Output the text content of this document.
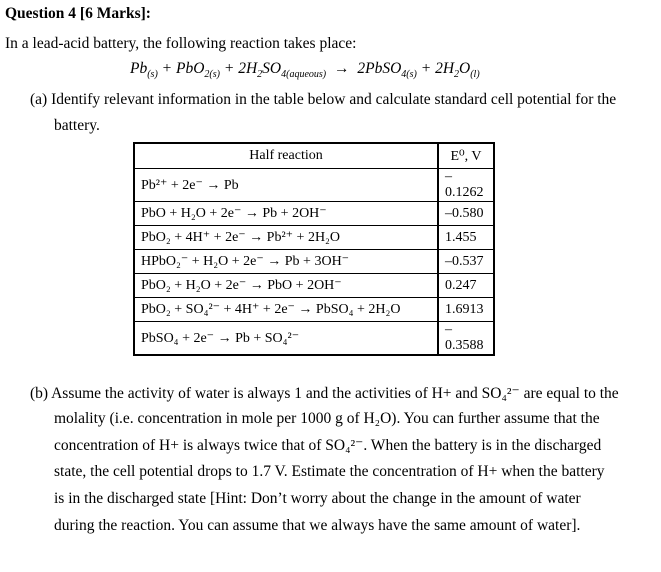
Question 4 [6 Marks]:
In a lead-acid battery, the following reaction takes place:
$Pb_{(s)} + PbO_{2(s)} + 2H_2SO_{4(aqueous)}$ → 2PbSO$_{4(s)}$ + $2H_2O_{(l)}$
(a) Identify relevant information in the table below and calculate standard cell potential for the
battery.
Half reaction	E⁰, V
Pb²⁺ + 2e⁻ → Pb	–0.1262
PbO + H₂O + 2e⁻ → Pb + 2OH⁻	–0.580
PbO₂ + 4H⁺ + 2e⁻ → Pb²⁺ + 2H₂O	1.455
HPbO₂⁻ + H₂O + 2e⁻ → Pb + 3OH⁻	–0.537
PbO₂ + H₂O + 2e⁻ → PbO + 2OH⁻	0.247
PbO₂ + SO₄²⁻ + 4H⁺ + 2e⁻ → PbSO₄ + 2H₂O	1.6913
PbSO₄ + 2e⁻ → Pb + SO₄²⁻	–0.3588
(b) Assume the activity of water is always 1 and the activities of H+ and SO₄²⁻ are equal to the
molality (i.e. concentration in mole per 1000 g of H₂O). You can further assume that the
concentration of H+ is always twice that of SO₄²⁻. When the battery is in the discharged
state, the cell potential drops to 1.7 V. Estimate the concentration of H+ when the battery
is in the discharged state [Hint: Don’t worry about the change in the amount of water
during the reaction. You can assume that we always have the same amount of water].
